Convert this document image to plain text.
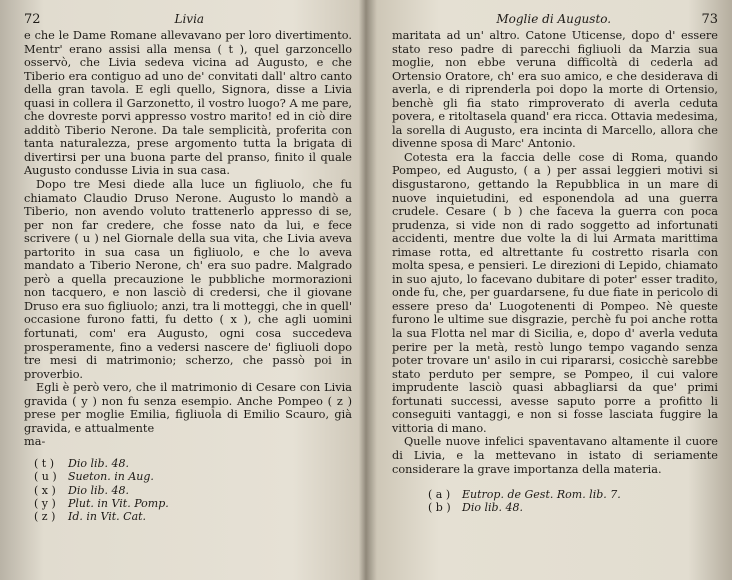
72	Livia

e che le Dame Romane allevavano per loro divertimento. Mentr' erano assisi alla mensa ( t ), quel garzoncello osservò, che Livia sedeva vicina ad Augusto, e che Tiberio era contiguo ad uno de' convitati dall' altro canto della gran tavola. E egli quello, Signora, disse a Livia quasi in collera il Garzonetto, il vostro luogo? A me pare, che dovreste porvi appresso vostro marito! ed in ciò dire additò Tiberio Nerone. Da tale semplicità, proferita con tanta naturalezza, prese argomento tutta la brigata di divertirsi per una buona parte del pranso, finito il quale Augusto condusse Livia in sua casa.

Dopo tre Mesi diede alla luce un figliuolo, che fu chiamato Claudio Druso Nerone. Augusto lo mandò a Tiberio, non avendo voluto trattenerlo appresso di se, per non far credere, che fosse nato da lui, e fece scrivere ( u ) nel Giornale della sua vita, che Livia aveva partorito in sua casa un figliuolo, e che lo aveva mandato a Tiberio Nerone, ch' era suo padre. Malgrado però a quella precauzione le pubbliche mormorazioni non tacquero, e non lasciò di credersi, che il giovane Druso era suo figliuolo; anzi, tra li motteggi, che in quell' occasione furono fatti, fu detto ( x ), che agli uomini fortunati, com' era Augusto, ogni cosa succedeva prosperamente, fino a vedersi nascere de' figliuoli dopo tre mesi di matrimonio; scherzo, che passò poi in proverbio.

Egli è però vero, che il matrimonio di Cesare con Livia gravida ( y ) non fu senza esempio. Anche Pompeo ( z ) prese per moglie Emilia, figliuola di Emilio Scauro, già gravida, e attualmente

ma-

( t )	Dio lib. 48.
( u )	Sueton. in Aug.
( x )	Dio lib. 48.
( y )	Plut. in Vit. Pomp.
( z )	Id. in Vit. Cat.
Moglie di Augusto.	73

maritata ad un' altro. Catone Uticense, dopo d' essere stato reso padre di parecchi figliuoli da Marzia sua moglie, non ebbe veruna difficoltà di cederla ad Ortensio Oratore, ch' era suo amico, e che desiderava di averla, e di riprenderla poi dopo la morte di Ortensio, benchè gli fia stato rimproverato di averla ceduta povera, e ritoltasela quand' era ricca. Ottavia medesima, la sorella di Augusto, era incinta di Marcello, allora che divenne sposa di Marc' Antonio.

Cotesta era la faccia delle cose di Roma, quando Pompeo, ed Augusto, ( a ) per assai leggieri motivi si disgustarono, gettando la Repubblica in un mare di nuove inquietudini, ed esponendola ad una guerra crudele. Cesare ( b ) che faceva la guerra con poca prudenza, si vide non di rado soggetto ad infortunati accidenti, mentre due volte la di lui Armata marittima rimase rotta, ed altrettante fu costretto risarla con molta spesa, e pensieri. Le direzioni di Lepido, chiamato in suo ajuto, lo facevano dubitare di poter' esser tradito, onde fu, che, per guardarsene, fu due fiate in pericolo di essere preso da' Luogotenenti di Pompeo. Nè queste furono le ultime sue disgrazie, perchè fu poi anche rotta la sua Flotta nel mar di Sicilia, e, dopo d' averla veduta perire per la metà, restò lungo tempo vagando senza poter trovare un' asilo in cui ripararsi, cosicchè sarebbe stato perduto per sempre, se Pompeo, il cui valore imprudente lasciò quasi abbagliarsi da que' primi fortunati successi, avesse saputo porre a profitto li conseguiti vantaggi, e non si fosse lasciata fuggire la vittoria di mano.

Quelle nuove infelici spaventavano altamente il cuore di Livia, e la mettevano in istato di seriamente considerare la grave importanza della materia.

( a )	Eutrop. de Gest. Rom. lib. 7.
( b )	Dio lib. 48.
